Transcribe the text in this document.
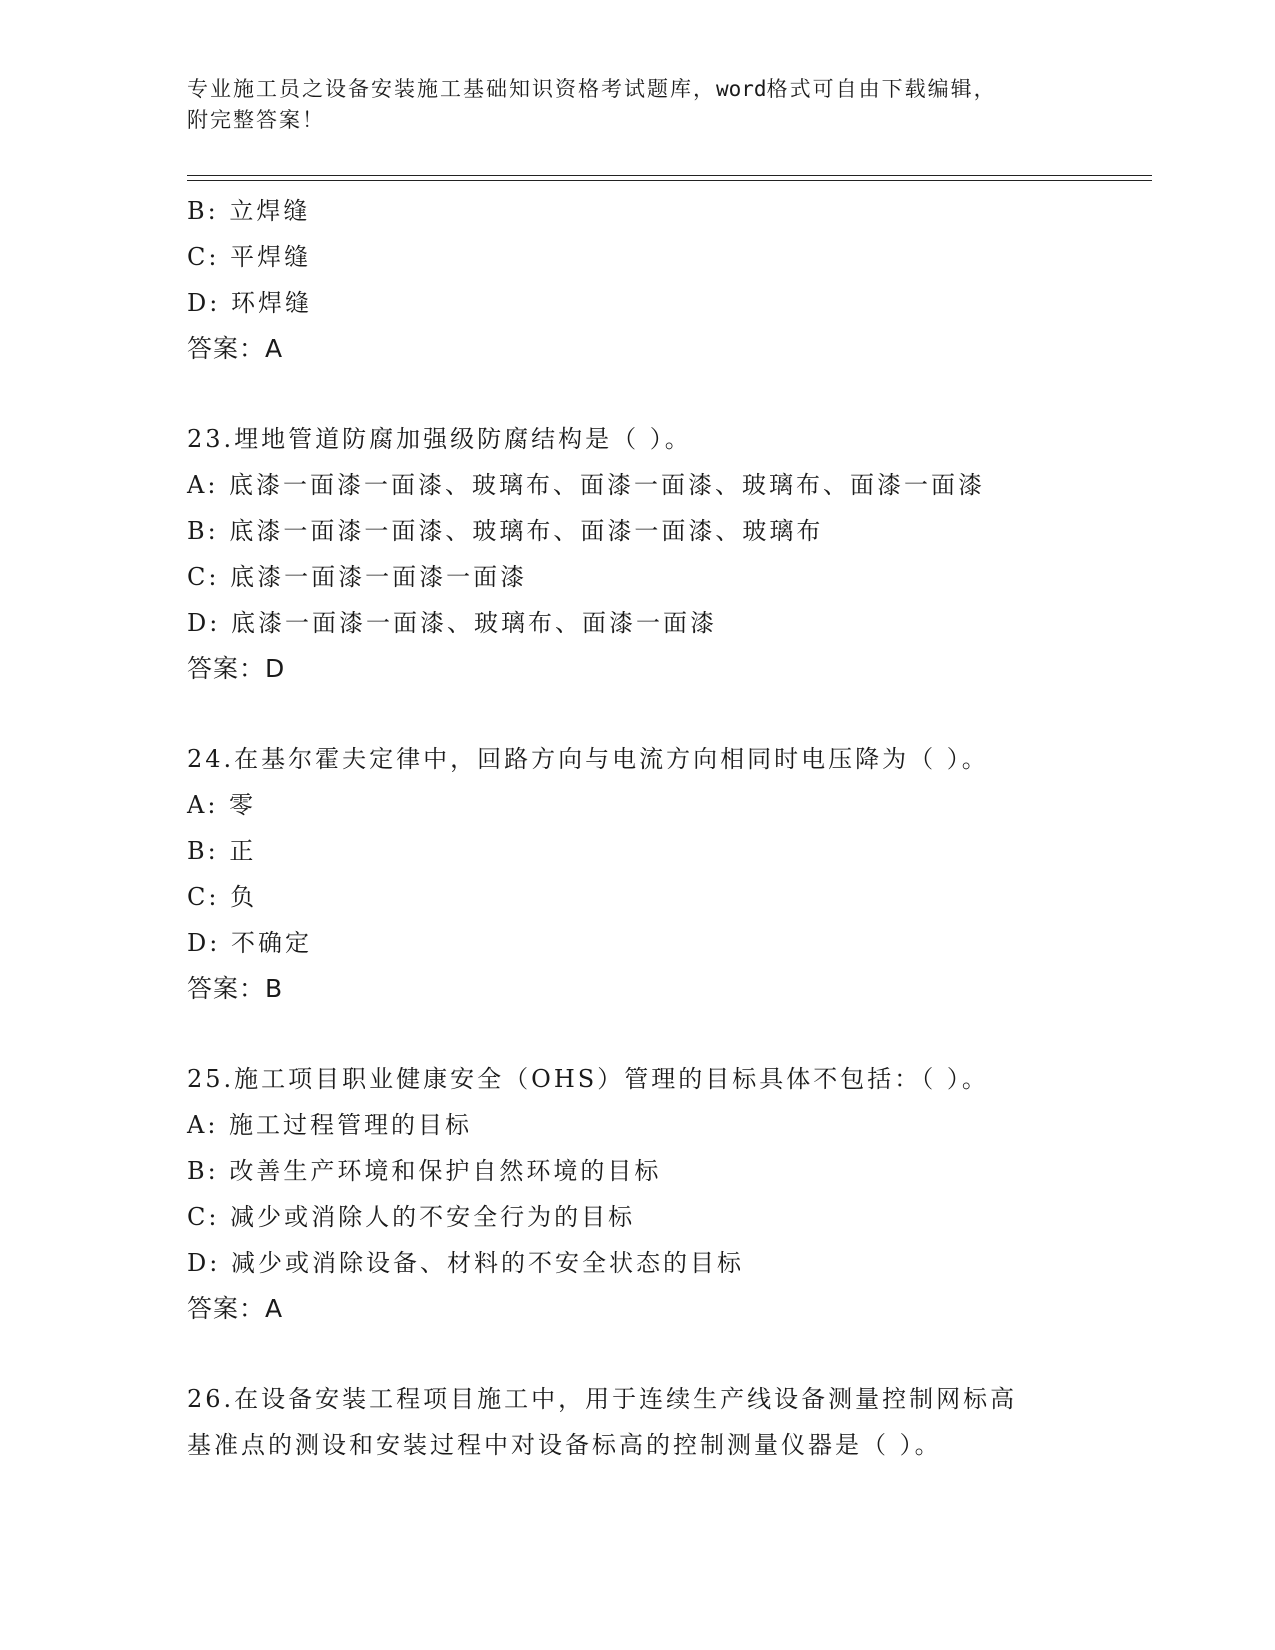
专业施工员之设备安装施工基础知识资格考试题库，word格式可自由下载编辑，
附完整答案！
B: 立焊缝
C: 平焊缝
D: 环焊缝
答案：A
23.埋地管道防腐加强级防腐结构是（ ）。
A: 底漆一面漆一面漆、玻璃布、面漆一面漆、玻璃布、面漆一面漆
B: 底漆一面漆一面漆、玻璃布、面漆一面漆、玻璃布
C: 底漆一面漆一面漆一面漆
D: 底漆一面漆一面漆、玻璃布、面漆一面漆
答案：D
24.在基尔霍夫定律中，回路方向与电流方向相同时电压降为（ ）。
A: 零
B: 正
C: 负
D: 不确定
答案：B
25.施工项目职业健康安全（OHS）管理的目标具体不包括：（ ）。
A: 施工过程管理的目标
B: 改善生产环境和保护自然环境的目标
C: 减少或消除人的不安全行为的目标
D: 减少或消除设备、材料的不安全状态的目标
答案：A
26.在设备安装工程项目施工中，用于连续生产线设备测量控制网标高
基准点的测设和安装过程中对设备标高的控制测量仪器是（ ）。
